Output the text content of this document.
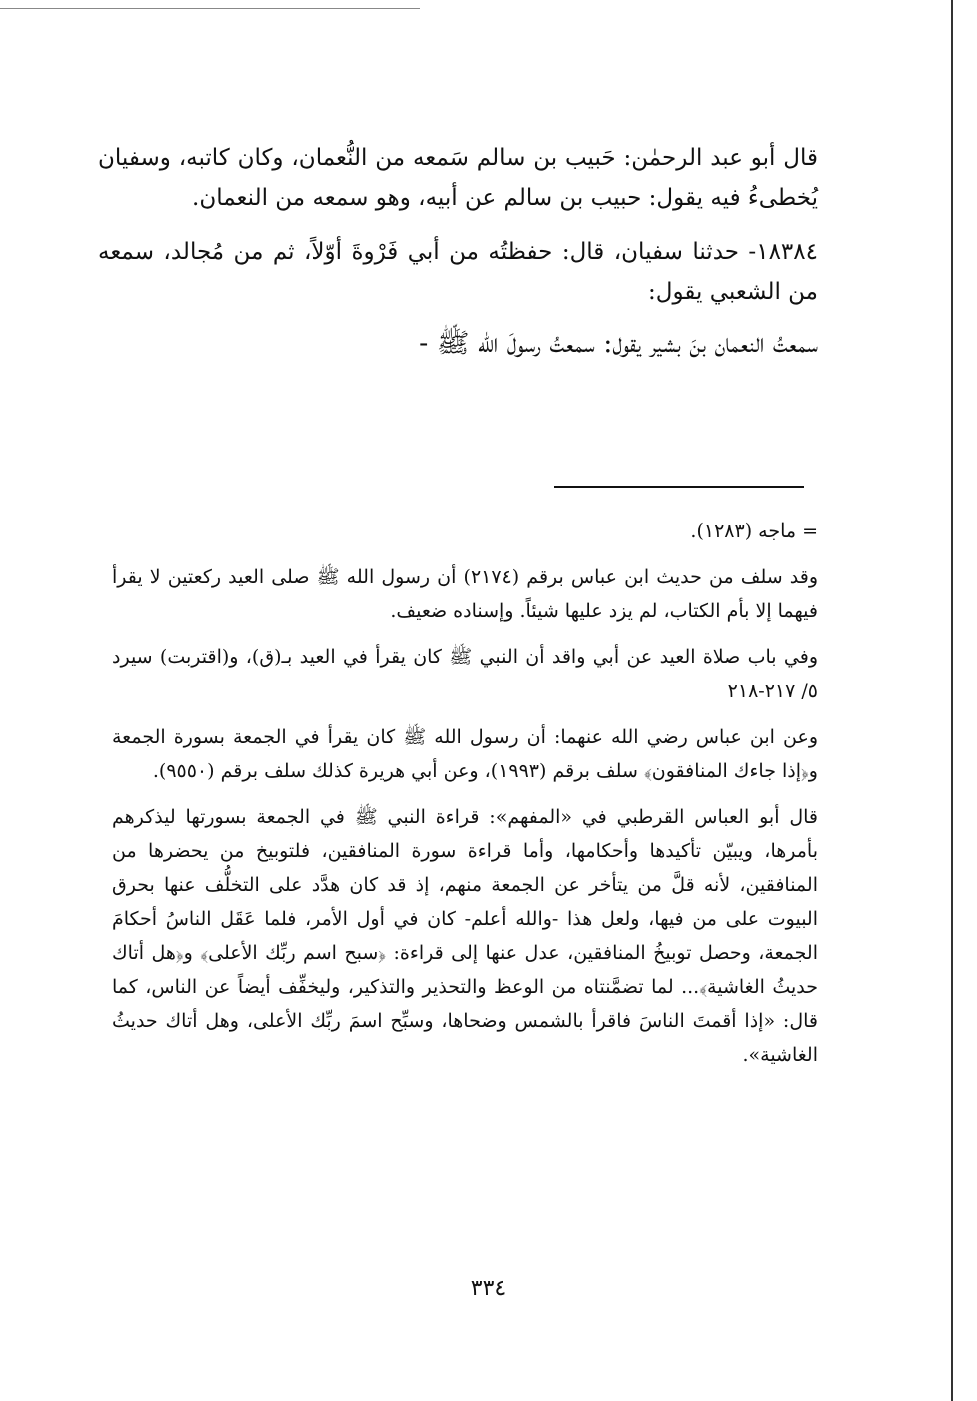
قال أبو عبد الرحمٰن: حَبيب بن سالم سَمعه من النُّعمان، وكان كاتبه، وسفيان يُخطىءُ فيه يقول: حبيب بن سالم عن أبيه، وهو سمعه من النعمان.

١٨٣٨٤- حدثنا سفيان، قال: حفظتُه من أبي فَرْوةَ أوّلاً، ثم من مُجالد، سمعه من الشعبي يقول:

سمعتُ النعمان بنَ بشير يقول: سمعتُ رسولَ الله ﷺ -

= ماجه (١٢٨٣).

وقد سلف من حديث ابن عباس برقم (٢١٧٤) أن رسول الله ﷺ صلى العيد ركعتين لا يقرأ فيهما إلا بأم الكتاب، لم يزد عليها شيئاً. وإسناده ضعيف.

وفي باب صلاة العيد عن أبي واقد أن النبي ﷺ كان يقرأ في العيد بـ(ق)، و(اقتربت) سيرد ٥/ ٢١٧-٢١٨

وعن ابن عباس رضي الله عنهما: أن رسول الله ﷺ كان يقرأ في الجمعة بسورة الجمعة و﴿إذا جاءك المنافقون﴾ سلف برقم (١٩٩٣)، وعن أبي هريرة كذلك سلف برقم (٩٥٥٠).

قال أبو العباس القرطبي في «المفهم»: قراءة النبي ﷺ في الجمعة بسورتها ليذكرهم بأمرها، ويبيّن تأكيدها وأحكامها، وأما قراءة سورة المنافقين، فلتوبيخ من يحضرها من المنافقين، لأنه قلَّ من يتأخر عن الجمعة منهم، إذ قد كان هدَّد على التخلُّف عنها بحرق البيوت على من فيها، ولعل هذا -والله أعلم- كان في أول الأمر، فلما عَقَل الناسُ أحكامَ الجمعة، وحصل توبيخُ المنافقين، عدل عنها إلى قراءة: ﴿سبح اسم ربِّك الأعلى﴾ و﴿هل أتاك حديثُ الغاشية﴾... لما تضمَّنتاه من الوعظ والتحذير والتذكير، وليخفِّف أيضاً عن الناس، كما قال: «إذا أقمتَ الناسَ فاقرأ بالشمس وضحاها، وسبِّح اسمَ ربِّك الأعلى، وهل أتاك حديثُ الغاشية».

٣٣٤
